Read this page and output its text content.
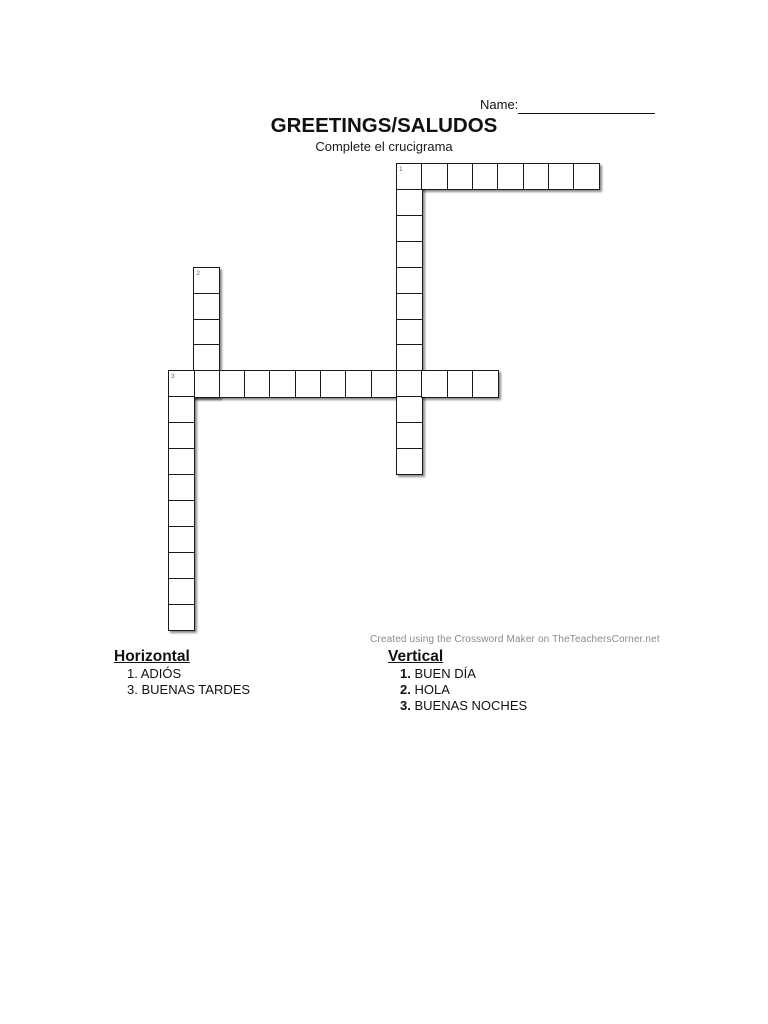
Name:
GREETINGS/SALUDOS
Complete el crucigrama
1
2
3
Created using the Crossword Maker on TheTeachersCorner.net
Horizontal
1. ADIÓS
3. BUENAS TARDES
Vertical
1. BUEN DÍA
2. HOLA
3. BUENAS NOCHES
